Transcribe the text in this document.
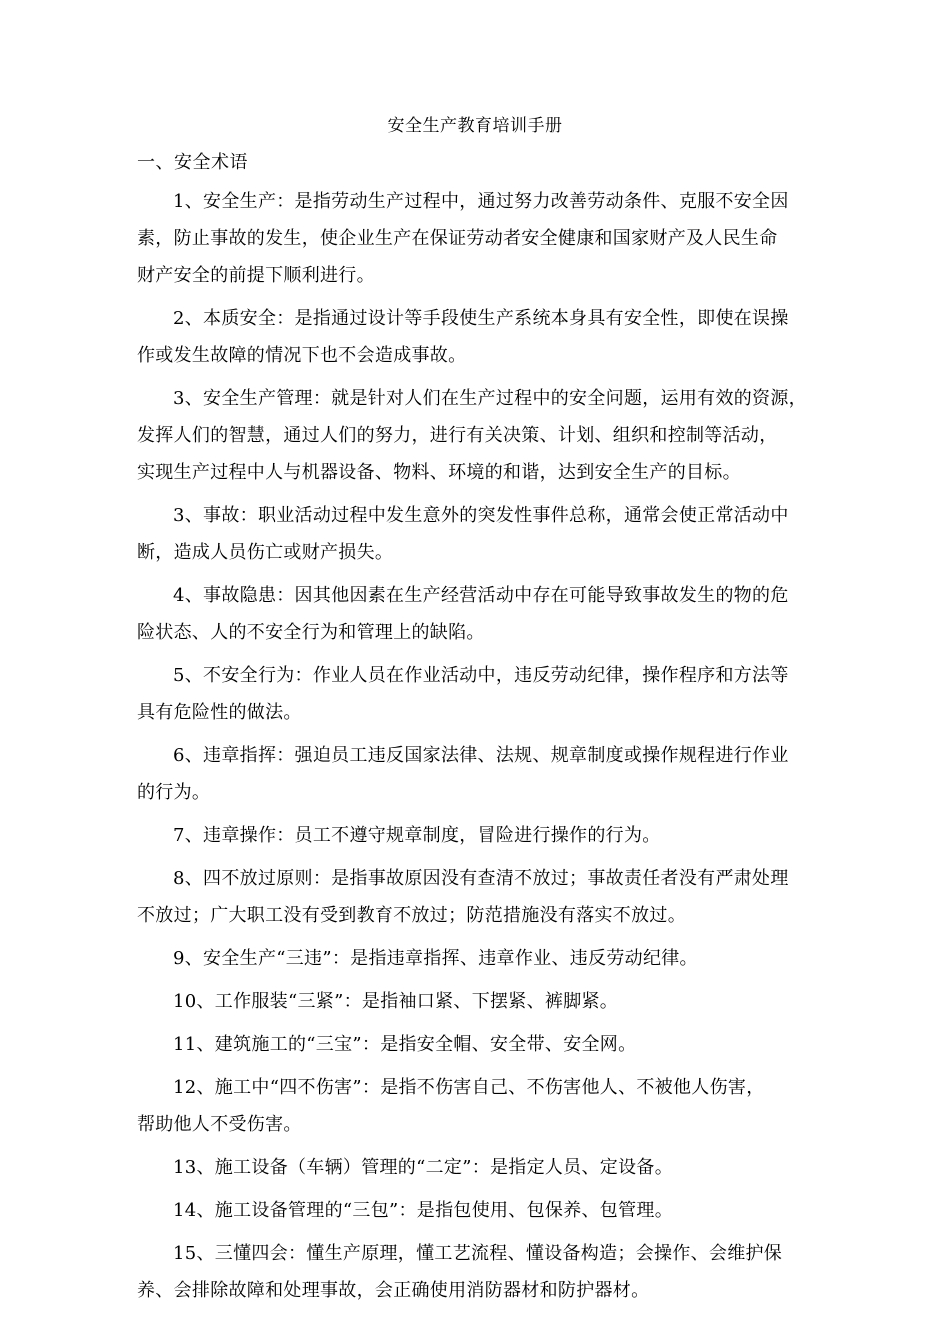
安全生产教育培训手册
一、安全术语

1、安全生产：是指劳动生产过程中，通过努力改善劳动条件、克服不安全因
素，防止事故的发生，使企业生产在保证劳动者安全健康和国家财产及人民生命
财产安全的前提下顺利进行。

2、本质安全：是指通过设计等手段使生产系统本身具有安全性，即使在误操
作或发生故障的情况下也不会造成事故。

3、安全生产管理：就是针对人们在生产过程中的安全问题，运用有效的资源，
发挥人们的智慧，通过人们的努力，进行有关决策、计划、组织和控制等活动，
实现生产过程中人与机器设备、物料、环境的和谐，达到安全生产的目标。

3、事故：职业活动过程中发生意外的突发性事件总称，通常会使正常活动中
断，造成人员伤亡或财产损失。

4、事故隐患：因其他因素在生产经营活动中存在可能导致事故发生的物的危
险状态、人的不安全行为和管理上的缺陷。

5、不安全行为：作业人员在作业活动中，违反劳动纪律，操作程序和方法等
具有危险性的做法。

6、违章指挥：强迫员工违反国家法律、法规、规章制度或操作规程进行作业
的行为。

7、违章操作：员工不遵守规章制度，冒险进行操作的行为。

8、四不放过原则：是指事故原因没有查清不放过；事故责任者没有严肃处理
不放过；广大职工没有受到教育不放过；防范措施没有落实不放过。

9、安全生产“三违”：是指违章指挥、违章作业、违反劳动纪律。

10、工作服装“三紧”：是指袖口紧、下摆紧、裤脚紧。

11、建筑施工的“三宝”：是指安全帽、安全带、安全网。

12、施工中“四不伤害”：是指不伤害自己、不伤害他人、不被他人伤害，
帮助他人不受伤害。

13、施工设备（车辆）管理的“二定”：是指定人员、定设备。

14、施工设备管理的“三包”：是指包使用、包保养、包管理。

15、三懂四会：懂生产原理，懂工艺流程、懂设备构造；会操作、会维护保
养、会排除故障和处理事故，会正确使用消防器材和防护器材。
